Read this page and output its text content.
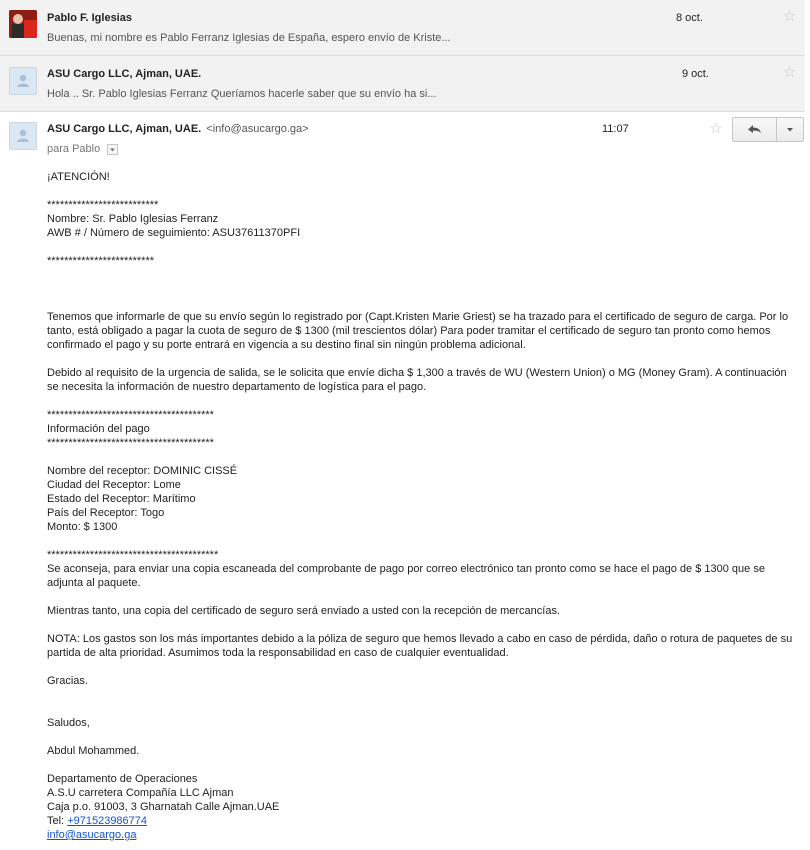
Pablo F. Iglesias
Buenas, mi nombre es Pablo Ferranz Iglesias de España, espero envío de Kriste...
8 oct.	☆
ASU Cargo LLC, Ajman, UAE.
Hola .. Sr. Pablo Iglesias Ferranz Queríamos hacerle saber que su envío ha si...
9 oct.	☆
ASU Cargo LLC, Ajman, UAE. <info@asucargo.ga>	11:07	☆
para Pablo
¡ATENCIÓN!
**************************
Nombre: Sr. Pablo Iglesias Ferranz
AWB # / Número de seguimiento: ASU37611370PFI
*************************
Tenemos que informarle de que su envío según lo registrado por (Capt.Kristen Marie Griest) se ha trazado para el certificado de seguro de carga. Por lo tanto, está obligado a pagar la cuota de seguro de $ 1300 (mil trescientos dólar) Para poder tramitar el certificado de seguro tan pronto como hemos confirmado el pago y su porte entrará en vigencia a su destino final sin ningún problema adicional.
Debido al requisito de la urgencia de salida, se le solicita que envíe dicha $ 1,300 a través de WU (Western Union) o MG (Money Gram). A continuación se necesita la información de nuestro departamento de logística para el pago.
***************************************
Información del pago
***************************************
Nombre del receptor: DOMINIC CISSÉ
Ciudad del Receptor: Lome
Estado del Receptor: Marítimo
País del Receptor: Togo
Monto: $ 1300
****************************************
Se aconseja, para enviar una copia escaneada del comprobante de pago por correo electrónico tan pronto como se hace el pago de $ 1300 que se adjunta al paquete.
Mientras tanto, una copia del certificado de seguro será enviado a usted con la recepción de mercancías.
NOTA: Los gastos son los más importantes debido a la póliza de seguro que hemos llevado a cabo en caso de pérdida, daño o rotura de paquetes de su partida de alta prioridad. Asumimos toda la responsabilidad en caso de cualquier eventualidad.
Gracias.
Saludos,
Abdul Mohammed.
Departamento de Operaciones
A.S.U carretera Compañía LLC Ajman
Caja p.o. 91003, 3 Gharnatah Calle Ajman.UAE
Tel: +971523986774
info@asucargo.ga
